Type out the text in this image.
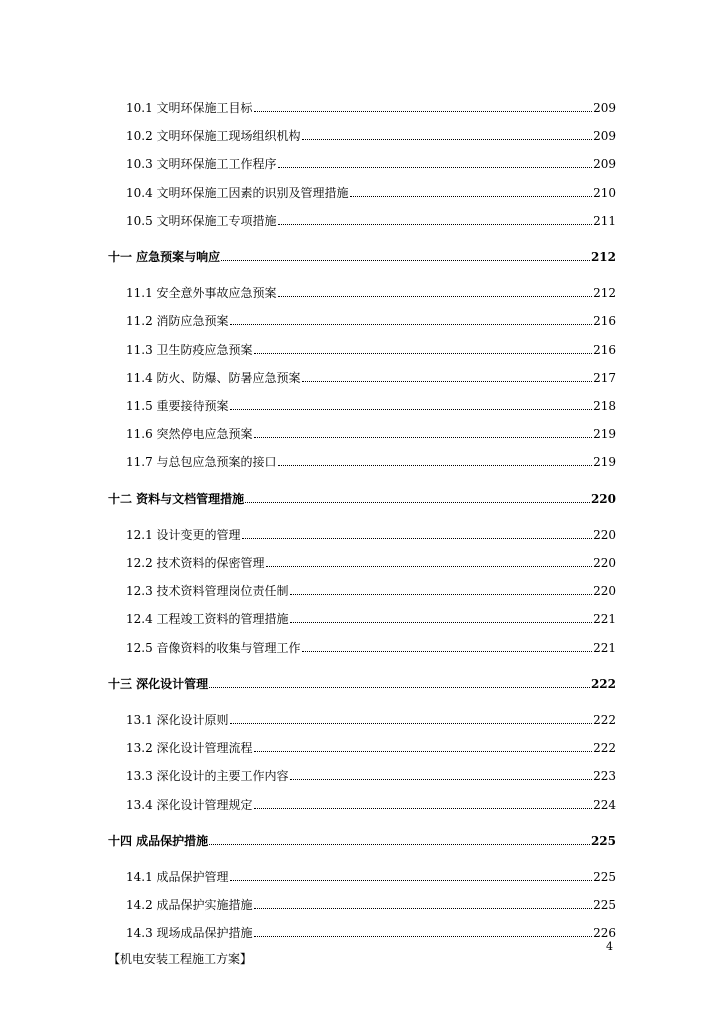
10.1 文明环保施工目标	209
10.2 文明环保施工现场组织机构	209
10.3 文明环保施工工作程序	209
10.4 文明环保施工因素的识别及管理措施	210
10.5 文明环保施工专项措施	211
十一 应急预案与响应	212
11.1 安全意外事故应急预案	212
11.2 消防应急预案	216
11.3 卫生防疫应急预案	216
11.4 防火、防爆、防暑应急预案	217
11.5 重要接待预案	218
11.6 突然停电应急预案	219
11.7 与总包应急预案的接口	219
十二 资料与文档管理措施	220
12.1 设计变更的管理	220
12.2 技术资料的保密管理	220
12.3 技术资料管理岗位责任制	220
12.4 工程竣工资料的管理措施	221
12.5 音像资料的收集与管理工作	221
十三 深化设计管理	222
13.1 深化设计原则	222
13.2 深化设计管理流程	222
13.3 深化设计的主要工作内容	223
13.4 深化设计管理规定	224
十四 成品保护措施	225
14.1 成品保护管理	225
14.2 成品保护实施措施	225
14.3 现场成品保护措施	226
4
【机电安装工程施工方案】
